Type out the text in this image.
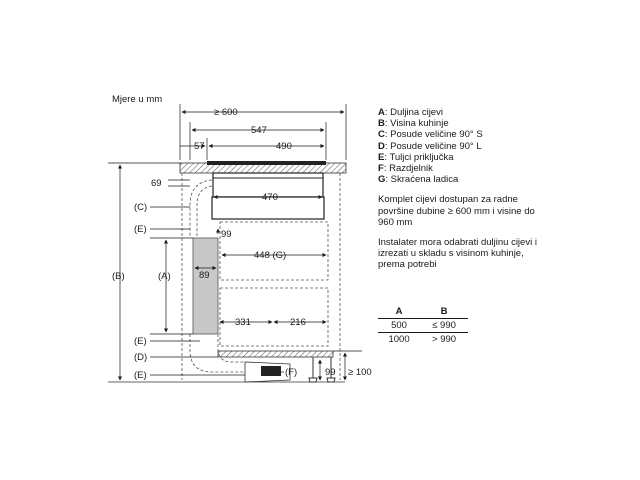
Mjere u mm
≥ 600
547
57	490
69
470
99
448 (G)
89
331	216
99 ≥ 100
(C)
(E)
(A)
(B)
(E)
(D)
(E)	(F)
A: Duljina cijevi
B: Visina kuhinje
C: Posude veličine 90° S
D: Posude veličine 90° L
E: Tuljci priključka
F: Razdjelnik
G: Skraćena ladica
Komplet cijevi dostupan za radne površine dubine ≥ 600 mm i visine do 960 mm
Instalater mora odabrati duljinu cijevi i izrezati u skladu s visinom kuhinje, prema potrebi
A	B
500	≤ 990
1000	> 990
